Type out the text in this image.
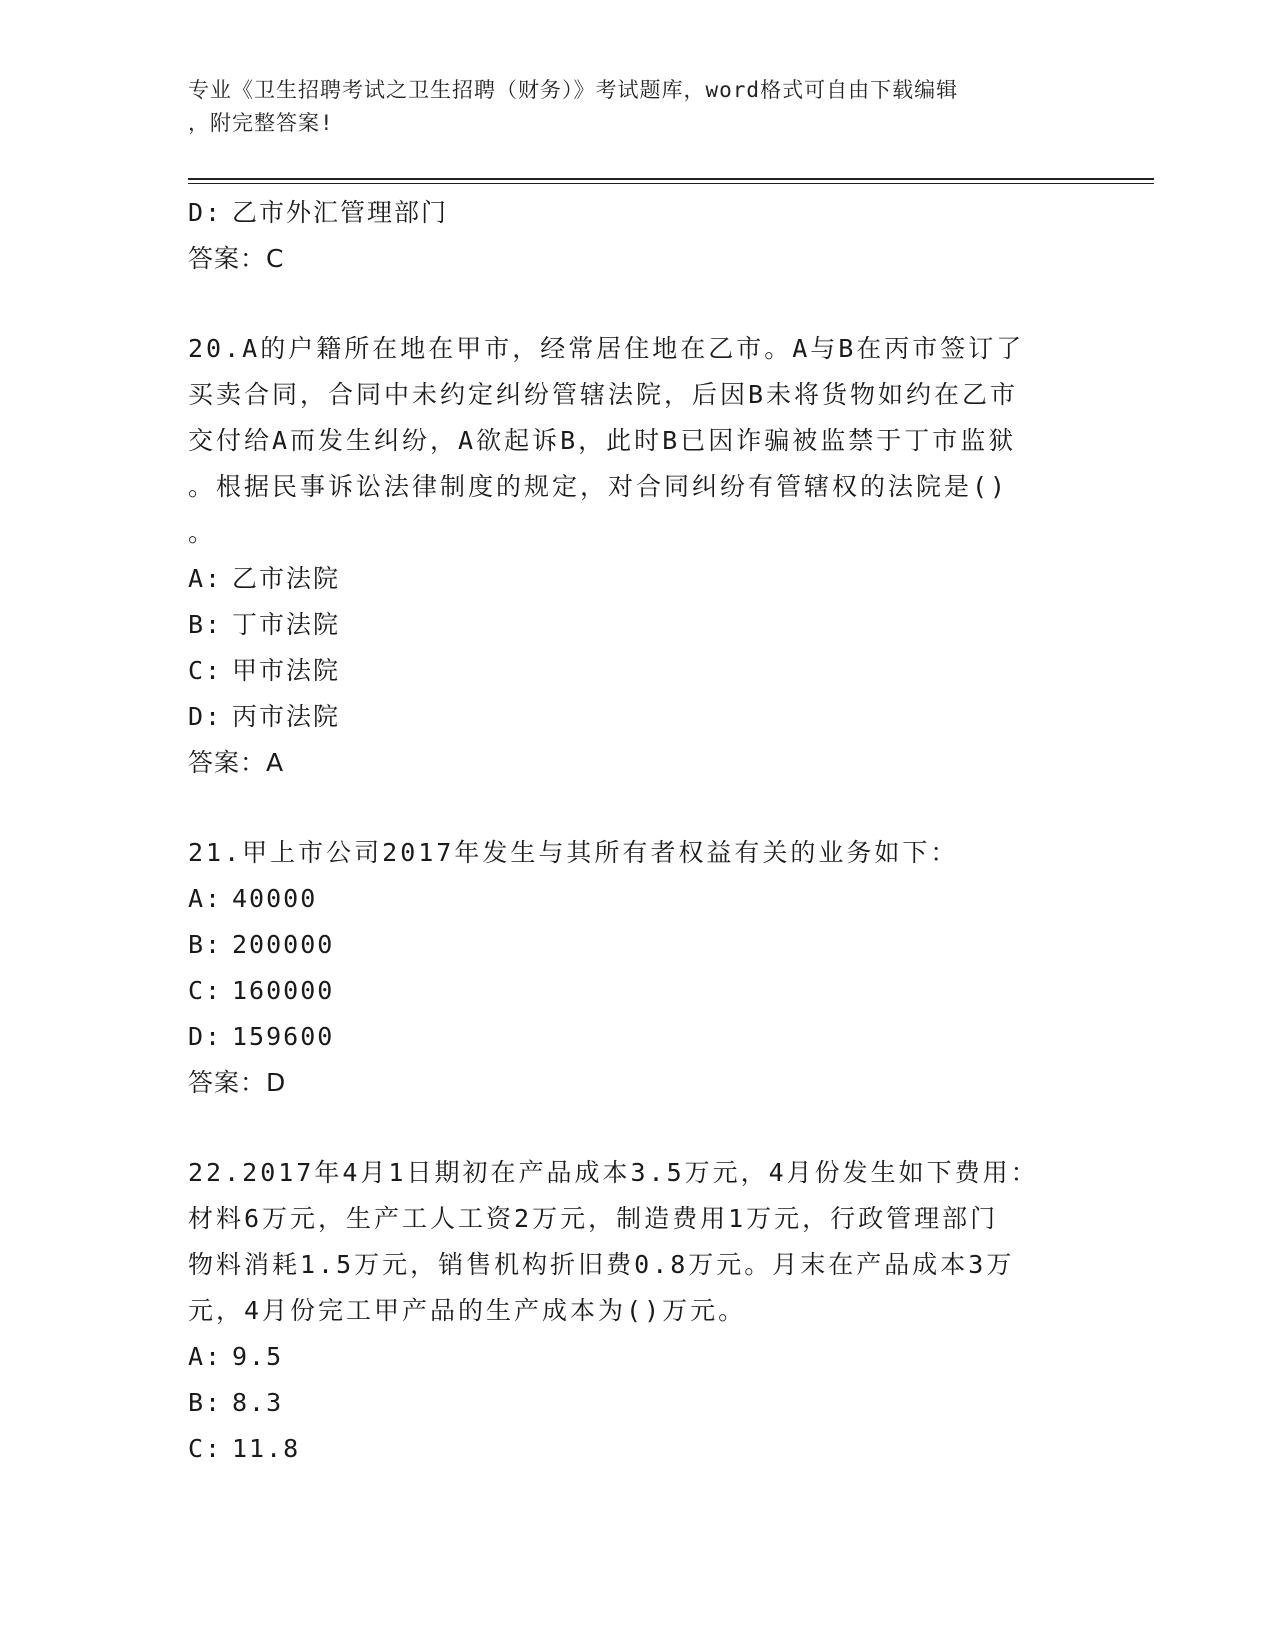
专业《卫生招聘考试之卫生招聘（财务）》考试题库，word格式可自由下载编辑
，附完整答案!
D: 乙市外汇管理部门
答案：C
20.A的户籍所在地在甲市，经常居住地在乙市。A与B在丙市签订了
买卖合同，合同中未约定纠纷管辖法院，后因B未将货物如约在乙市
交付给A而发生纠纷，A欲起诉B，此时B已因诈骗被监禁于丁市监狱
。根据民事诉讼法律制度的规定，对合同纠纷有管辖权的法院是()
。
A: 乙市法院
B: 丁市法院
C: 甲市法院
D: 丙市法院
答案：A
21.甲上市公司2017年发生与其所有者权益有关的业务如下：
A: 40000
B: 200000
C: 160000
D: 159600
答案：D
22.2017年4月1日期初在产品成本3.5万元，4月份发生如下费用：
材料6万元，生产工人工资2万元，制造费用1万元，行政管理部门
物料消耗1.5万元，销售机构折旧费0.8万元。月末在产品成本3万
元，4月份完工甲产品的生产成本为()万元。
A: 9.5
B: 8.3
C: 11.8
